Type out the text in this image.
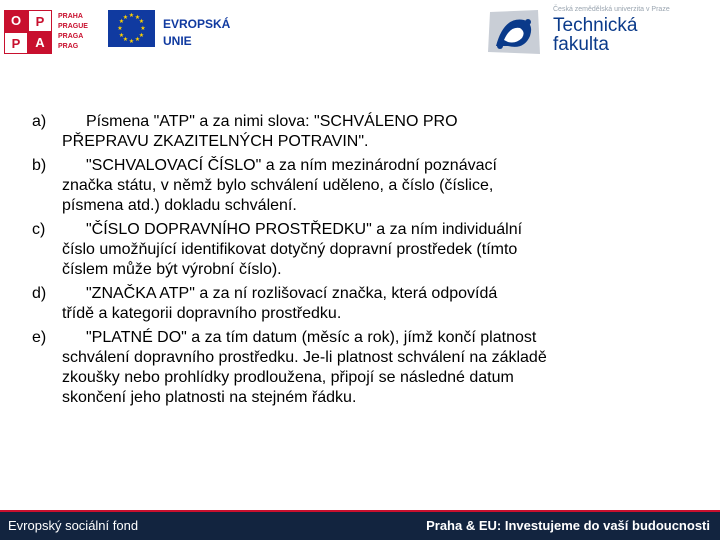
O	P
P	A
PRAHA
PRAGUE
PRAGA
PRAG
★ ★
★
★
★
★
★
★
★
★
★
★	EVROPSKÁ
UNIE
Česká zemědělská univerzita v Praze
Technická
fakulta
a)	Písmena "ATP" a za nimi slova: "SCHVÁLENO PRO
PŘEPRAVU ZKAZITELNÝCH POTRAVIN".
b)	"SCHVALOVACÍ ČÍSLO" a za ním mezinárodní poznávací
značka státu, v němž bylo schválení uděleno, a číslo (číslice,
písmena atd.) dokladu schválení.
c)	"ČÍSLO DOPRAVNÍHO PROSTŘEDKU" a za ním individuální
číslo umožňující identifikovat dotyčný dopravní prostředek (tímto
číslem může být výrobní číslo).
d)	"ZNAČKA ATP" a za ní rozlišovací značka, která odpovídá
třídě a kategorii dopravního prostředku.
e)	"PLATNÉ DO" a za tím datum (měsíc a rok), jímž končí platnost
schválení dopravního prostředku. Je-li platnost schválení na základě
zkoušky nebo prohlídky prodloužena, připojí se následné datum
skončení jeho platnosti na stejném řádku.
Evropský sociální fond	Praha & EU: Investujeme do vaší budoucnosti
